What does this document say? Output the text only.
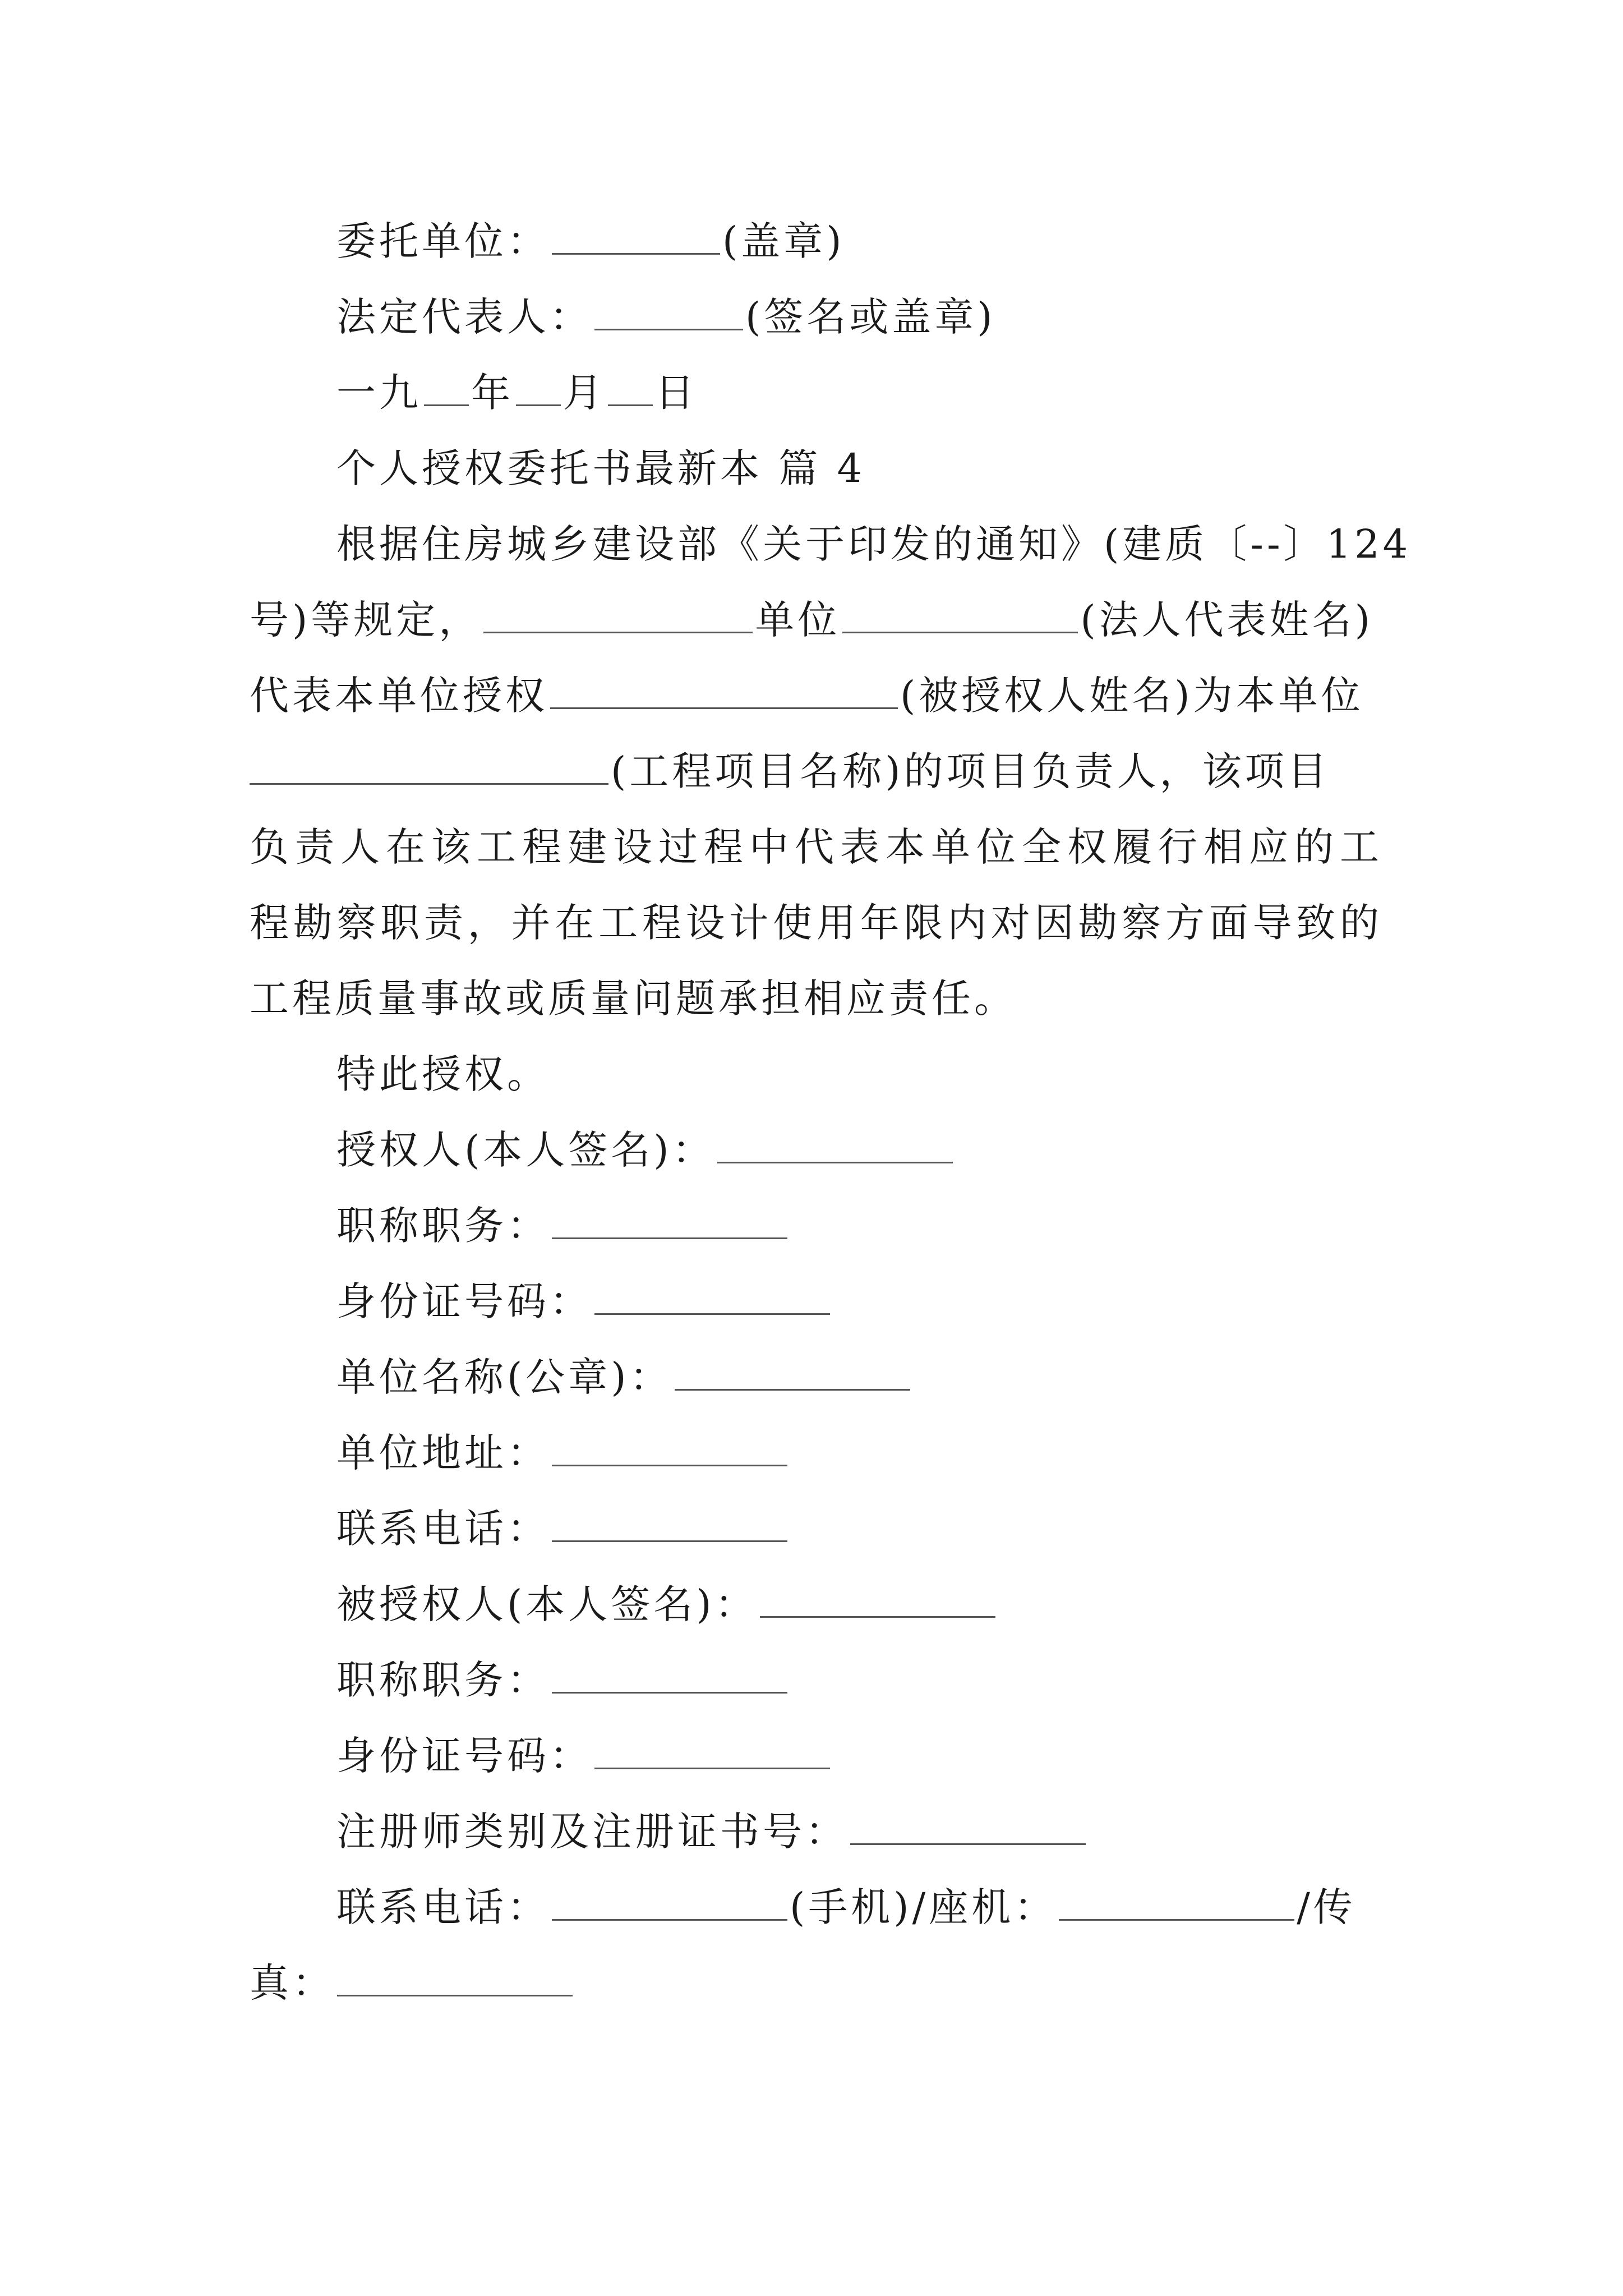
委托单位：	(盖章)
法定代表人：	(签名或盖章)
一九 年 月 日
个人授权委托书最新本 篇 4
根据住房城乡建设部《关于印发的通知》(建质〔--〕124
号)等规定，	单位	(法人代表姓名)
代表本单位授权	(被授权人姓名)为本单位
(工程项目名称)的项目负责人，该项目
负责人在该工程建设过程中代表本单位全权履行相应的工
程勘察职责，并在工程设计使用年限内对因勘察方面导致的
工程质量事故或质量问题承担相应责任。
特此授权。
授权人(本人签名)：
职称职务：
身份证号码：
单位名称(公章)：
单位地址：
联系电话：
被授权人(本人签名)：
职称职务：
身份证号码：
注册师类别及注册证书号：
联系电话：	(手机)/座机：	/传
真：
